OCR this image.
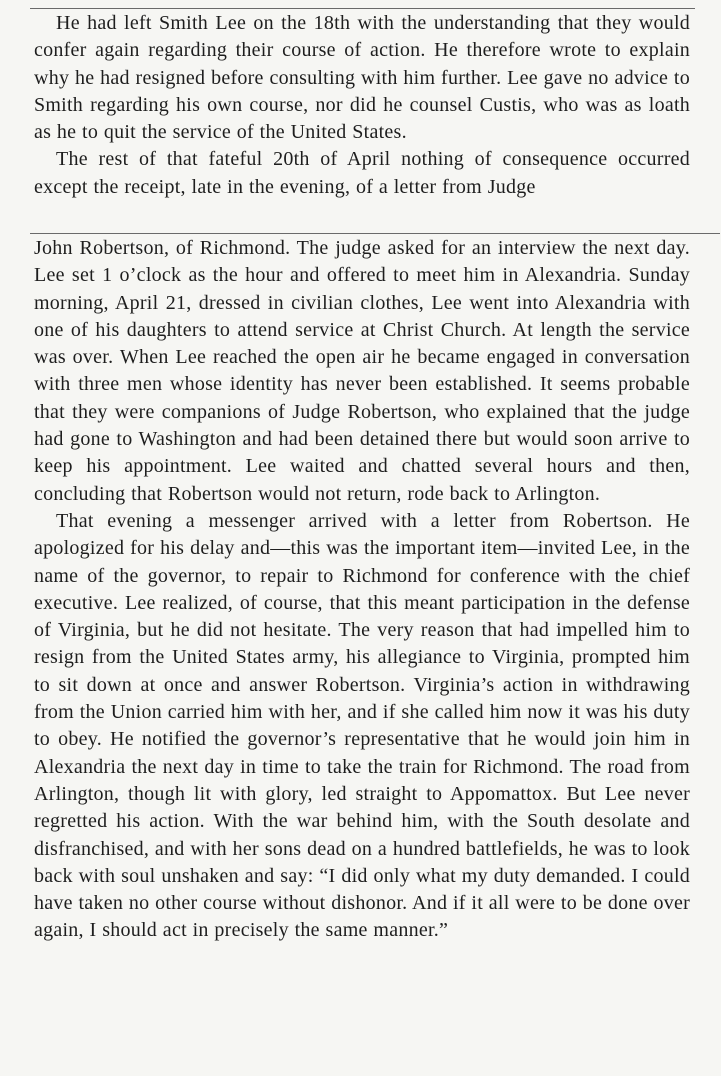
He had left Smith Lee on the 18th with the understanding that they would confer again regarding their course of action. He therefore wrote to explain why he had resigned before consulting with him further. Lee gave no advice to Smith regarding his own course, nor did he counsel Custis, who was as loath as he to quit the service of the United States.

The rest of that fateful 20th of April nothing of consequence occurred except the receipt, late in the evening, of a letter from Judge

John Robertson, of Richmond. The judge asked for an interview the next day. Lee set 1 o’clock as the hour and offered to meet him in Alexandria. Sunday morning, April 21, dressed in civilian clothes, Lee went into Alexandria with one of his daughters to attend service at Christ Church. At length the service was over. When Lee reached the open air he became engaged in conversation with three men whose identity has never been established. It seems probable that they were companions of Judge Robertson, who explained that the judge had gone to Washington and had been detained there but would soon arrive to keep his appointment. Lee waited and chatted several hours and then, concluding that Robertson would not return, rode back to Arlington.

That evening a messenger arrived with a letter from Robertson. He apologized for his delay and—this was the important item—invited Lee, in the name of the governor, to repair to Richmond for conference with the chief executive. Lee realized, of course, that this meant participation in the defense of Virginia, but he did not hesitate. The very reason that had impelled him to resign from the United States army, his allegiance to Virginia, prompted him to sit down at once and answer Robertson. Virginia’s action in withdrawing from the Union carried him with her, and if she called him now it was his duty to obey. He notified the governor’s representative that he would join him in Alexandria the next day in time to take the train for Richmond. The road from Arlington, though lit with glory, led straight to Appomattox. But Lee never regretted his action. With the war behind him, with the South desolate and disfranchised, and with her sons dead on a hundred battlefields, he was to look back with soul unshaken and say: “I did only what my duty demanded. I could have taken no other course without dishonor. And if it all were to be done over again, I should act in precisely the same manner.”
